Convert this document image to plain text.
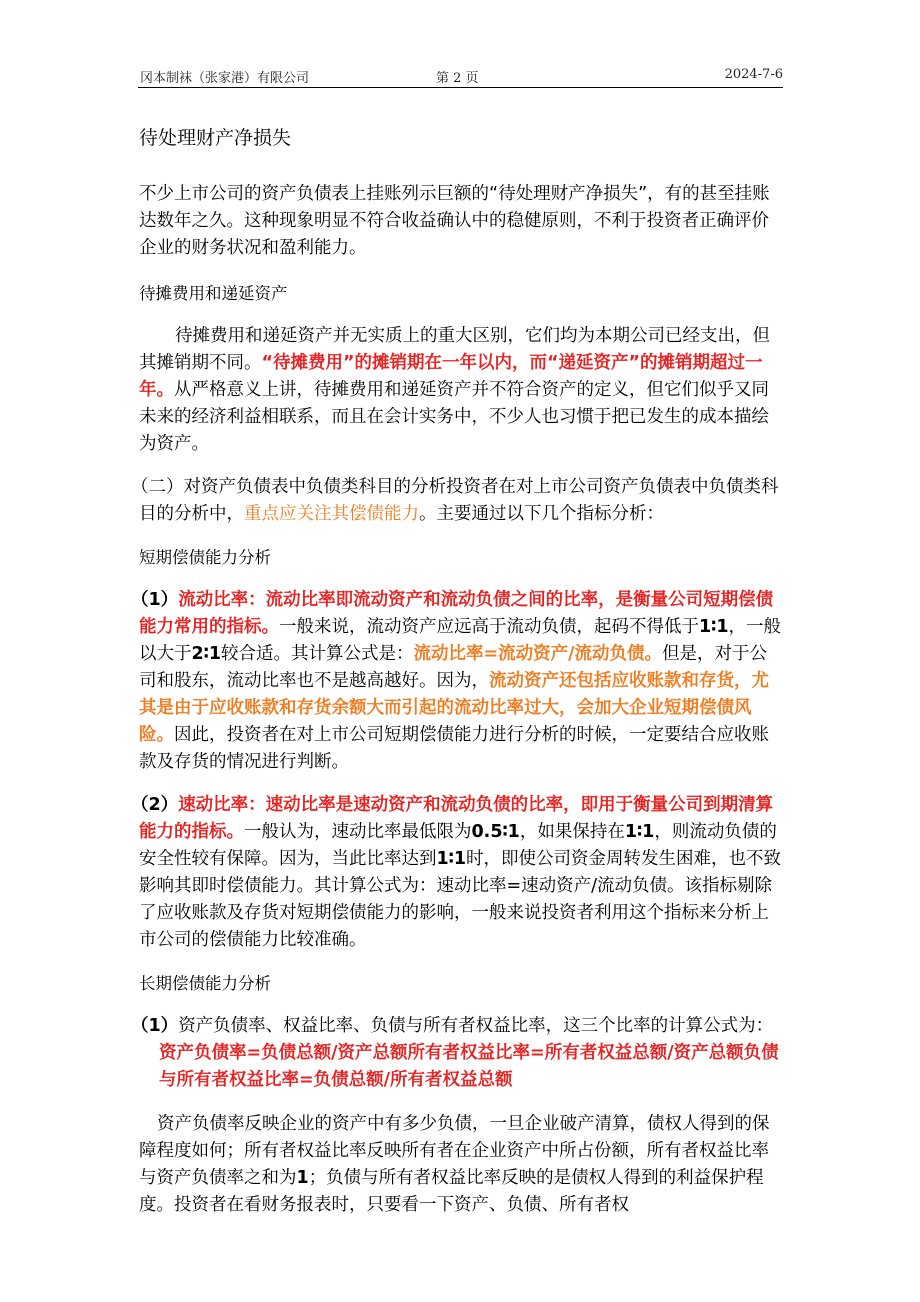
冈本制袜（张家港）有限公司	第 2 页	2024-7-6

待处理财产净损失

不少上市公司的资产负债表上挂账列示巨额的“待处理财产净损失”，有的甚至挂账达数年之久。这种现象明显不符合收益确认中的稳健原则，不利于投资者正确评价企业的财务状况和盈利能力。

待摊费用和递延资产

待摊费用和递延资产并无实质上的重大区别，它们均为本期公司已经支出，但其摊销期不同。“待摊费用”的摊销期在一年以内，而“递延资产”的摊销期超过一年。从严格意义上讲，待摊费用和递延资产并不符合资产的定义，但它们似乎又同未来的经济利益相联系，而且在会计实务中，不少人也习惯于把已发生的成本描绘为资产。

（二）对资产负债表中负债类科目的分析投资者在对上市公司资产负债表中负债类科目的分析中，重点应关注其偿债能力。主要通过以下几个指标分析：

短期偿债能力分析

（1）流动比率：流动比率即流动资产和流动负债之间的比率，是衡量公司短期偿债能力常用的指标。一般来说，流动资产应远高于流动负债，起码不得低于1∶1，一般以大于2∶1较合适。其计算公式是：流动比率=流动资产/流动负债。但是，对于公司和股东，流动比率也不是越高越好。因为，流动资产还包括应收账款和存货，尤其是由于应收账款和存货余额大而引起的流动比率过大，会加大企业短期偿债风险。因此，投资者在对上市公司短期偿债能力进行分析的时候，一定要结合应收账款及存货的情况进行判断。

（2）速动比率：速动比率是速动资产和流动负债的比率，即用于衡量公司到期清算能力的指标。一般认为，速动比率最低限为0.5∶1，如果保持在1∶1，则流动负债的安全性较有保障。因为，当此比率达到1∶1时，即使公司资金周转发生困难，也不致影响其即时偿债能力。其计算公式为：速动比率=速动资产/流动负债。该指标剔除了应收账款及存货对短期偿债能力的影响，一般来说投资者利用这个指标来分析上市公司的偿债能力比较准确。

长期偿债能力分析

（1）资产负债率、权益比率、负债与所有者权益比率，这三个比率的计算公式为：资产负债率=负债总额/资产总额所有者权益比率=所有者权益总额/资产总额负债与所有者权益比率=负债总额/所有者权益总额

资产负债率反映企业的资产中有多少负债，一旦企业破产清算，债权人得到的保障程度如何；所有者权益比率反映所有者在企业资产中所占份额，所有者权益比率与资产负债率之和为1；负债与所有者权益比率反映的是债权人得到的利益保护程度。投资者在看财务报表时，只要看一下资产、负债、所有者权
